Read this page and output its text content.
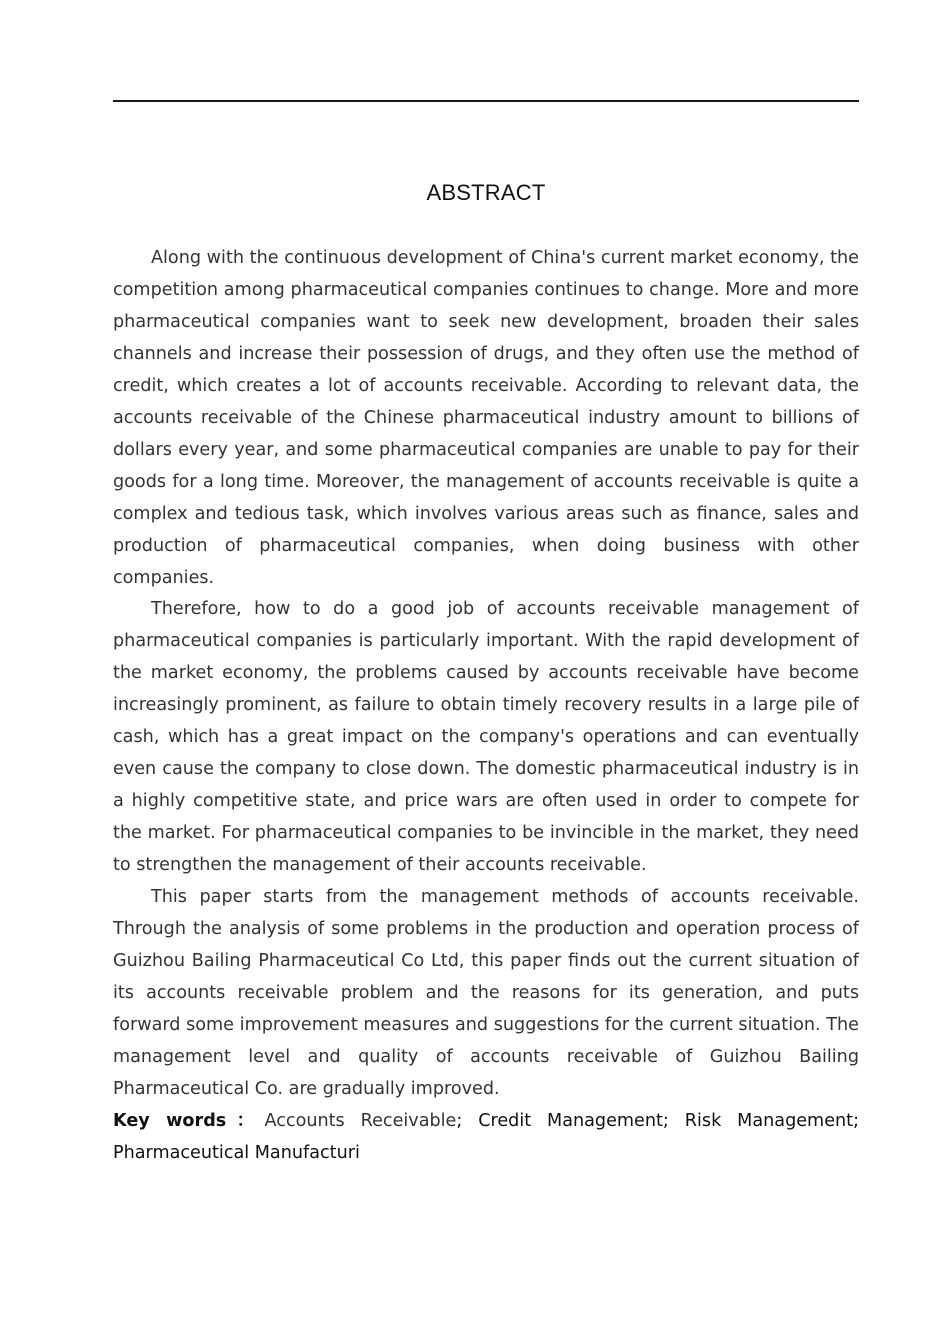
ABSTRACT

Along with the continuous development of China's current market economy, the competition among pharmaceutical companies continues to change. More and more pharmaceutical companies want to seek new development, broaden their sales channels and increase their possession of drugs, and they often use the method of credit, which creates a lot of accounts receivable. According to relevant data, the accounts receivable of the Chinese pharmaceutical industry amount to billions of dollars every year, and some pharmaceutical companies are unable to pay for their goods for a long time. Moreover, the management of accounts receivable is quite a complex and tedious task, which involves various areas such as finance, sales and production of pharmaceutical companies, when doing business with other companies.

Therefore, how to do a good job of accounts receivable management of pharmaceutical companies is particularly important. With the rapid development of the market economy, the problems caused by accounts receivable have become increasingly prominent, as failure to obtain timely recovery results in a large pile of cash, which has a great impact on the company's operations and can eventually even cause the company to close down. The domestic pharmaceutical industry is in a highly competitive state, and price wars are often used in order to compete for the market. For pharmaceutical companies to be invincible in the market, they need to strengthen the management of their accounts receivable.

This paper starts from the management methods of accounts receivable. Through the analysis of some problems in the production and operation process of Guizhou Bailing Pharmaceutical Co Ltd, this paper finds out the current situation of its accounts receivable problem and the reasons for its generation, and puts forward some improvement measures and suggestions for the current situation. The management level and quality of accounts receivable of Guizhou Bailing Pharmaceutical Co. are gradually improved.

Key words：Accounts Receivable; Credit Management; Risk Management; Pharmaceutical Manufacturi
